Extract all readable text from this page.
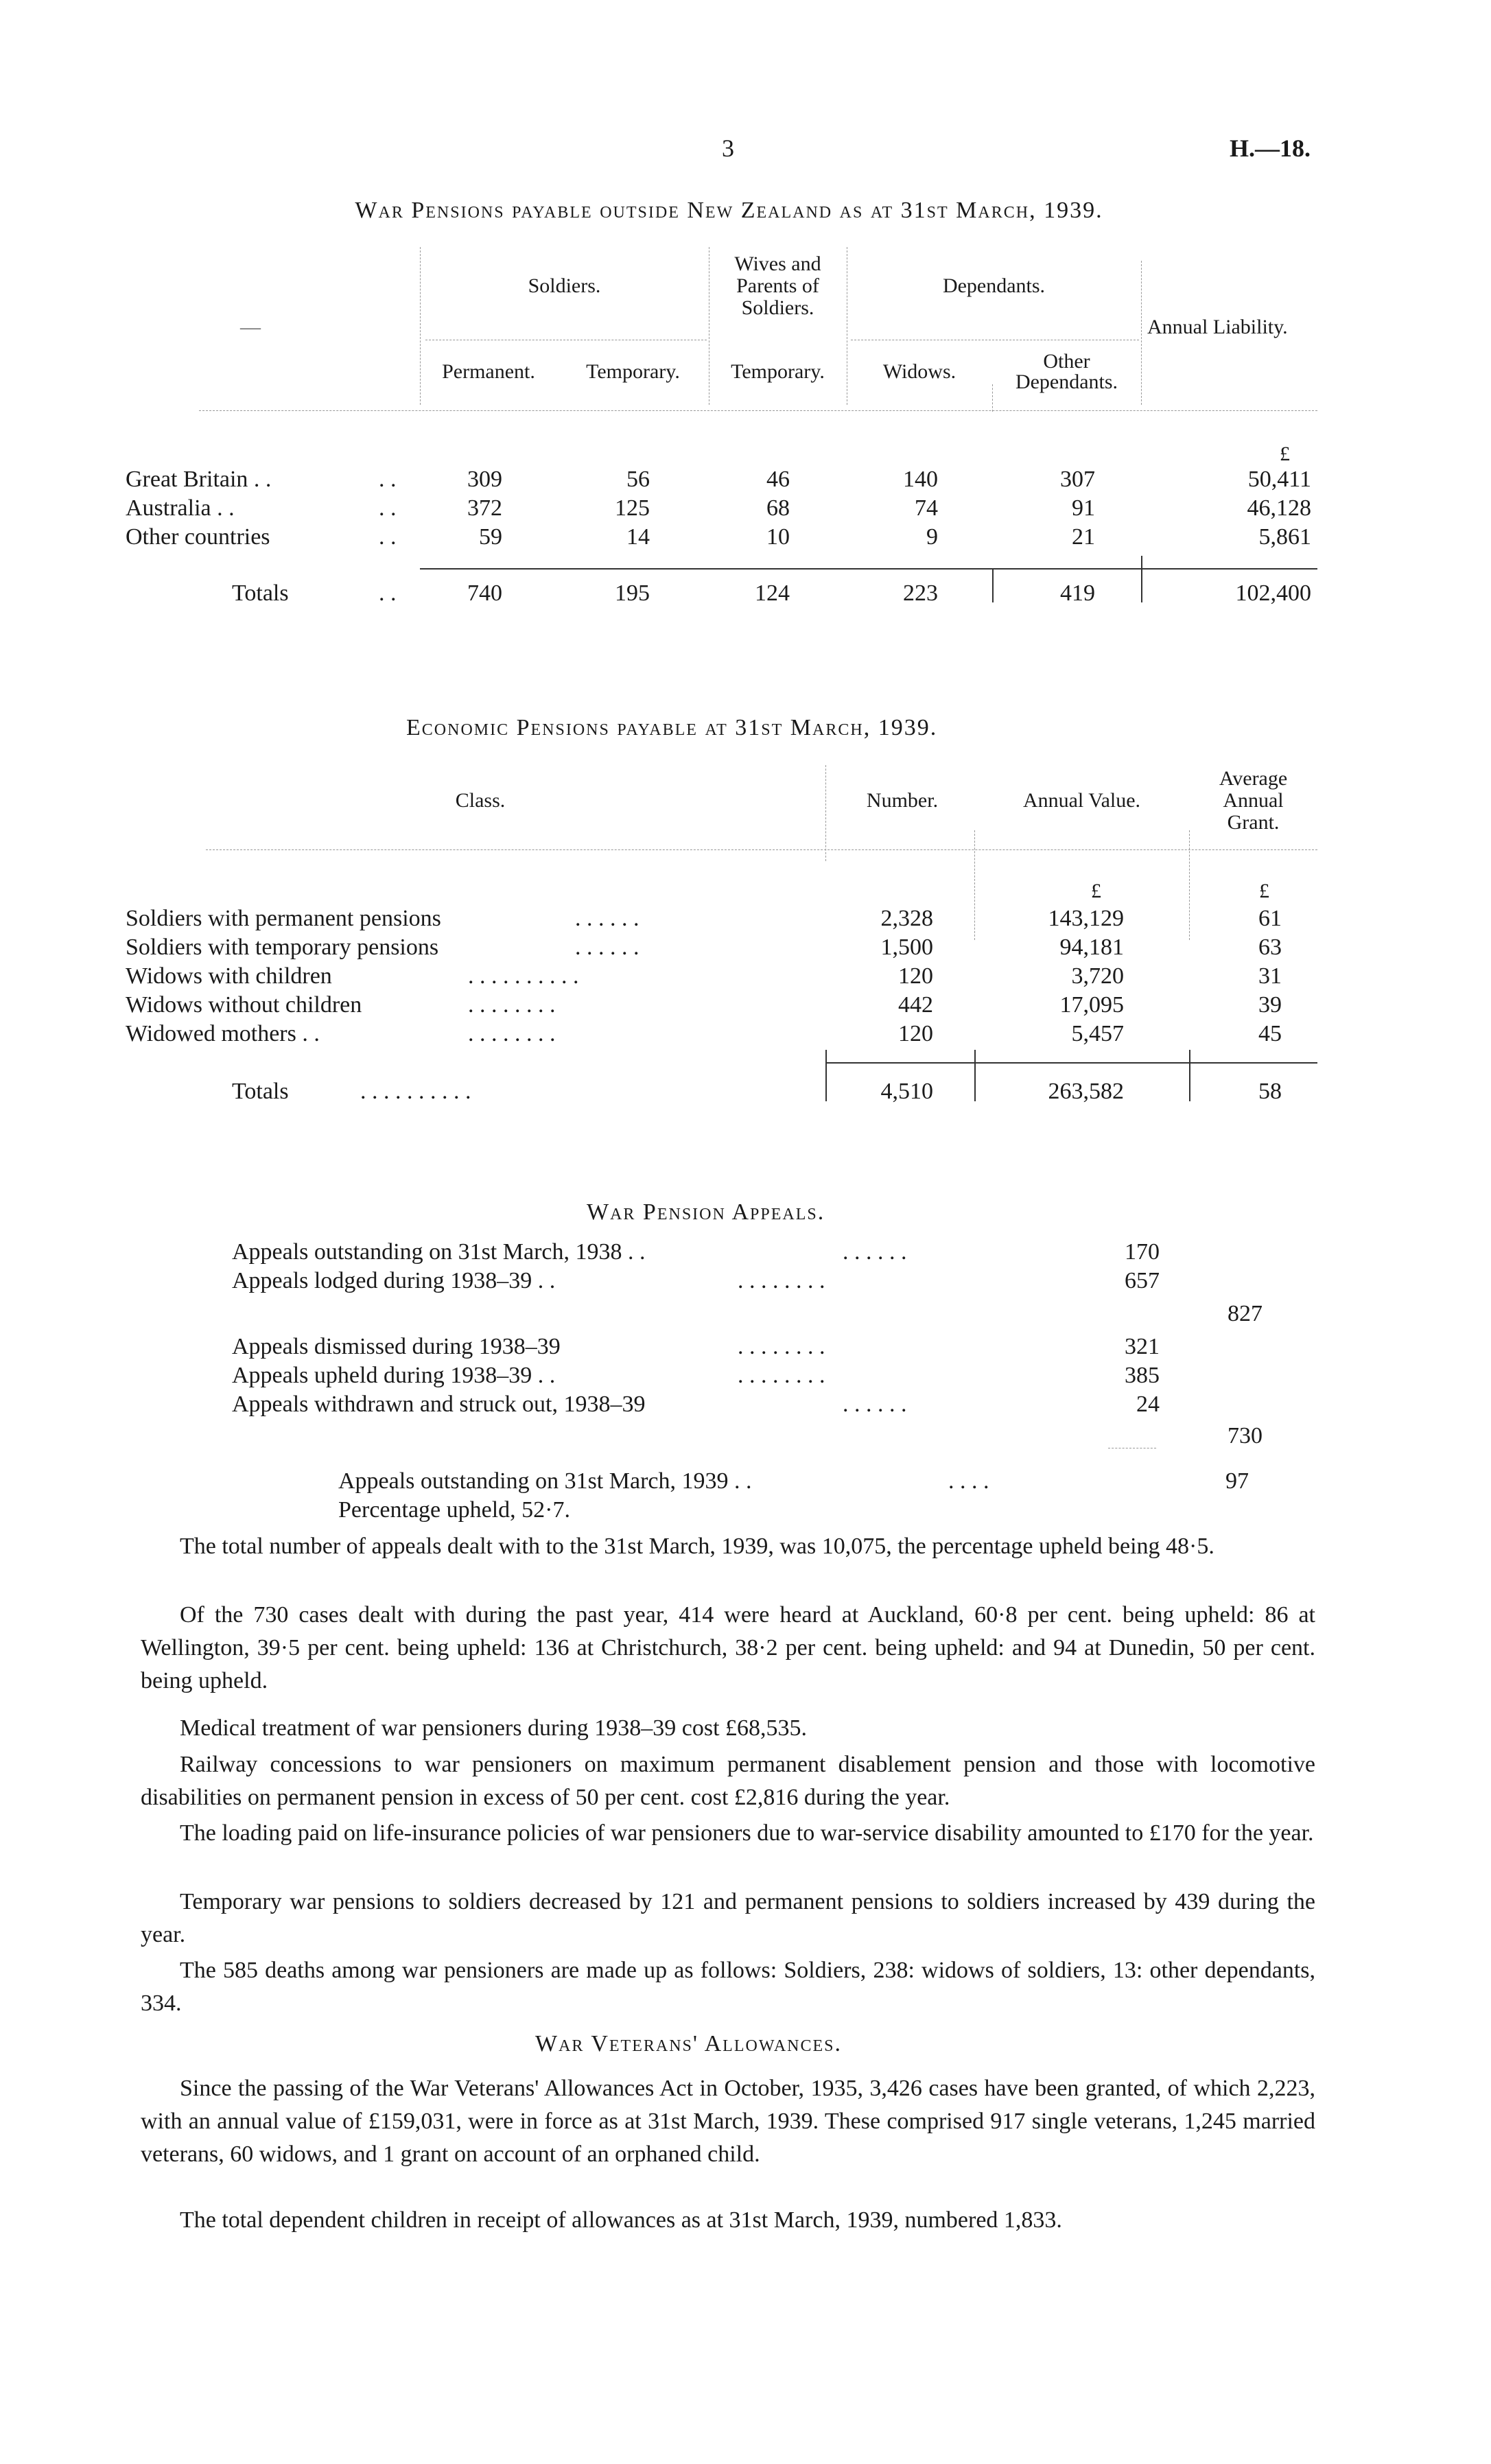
3	H.—18.
War Pensions payable outside New Zealand as at 31st March, 1939.
Soldiers.
Wives and
Parents of
Soldiers.
Dependants.
Annual Liability.
—
Permanent.	Temporary.	Temporary.	Widows.	Other
Dependants.
£
Great Britain . .	. .	309	56	46	140	307	50,411
Australia . .	. .	372	125	68	74	91	46,128
Other countries	. .	59	14	10	9	21	5,861
Totals	. .	740	195	124	223	419	102,400
Economic Pensions payable at 31st March, 1939.
Class.	Number.	Annual Value.
Average
Annual
Grant.
£	£
Soldiers with permanent pensions	. . . . . .	2,328	143,129	61
Soldiers with temporary pensions	. . . . . .	1,500	94,181	63
Widows with children	. . . . . . . . . .	120	3,720	31
Widows without children	. . . . . . . .	442	17,095	39
Widowed mothers . .	. . . . . . . .	120	5,457	45
Totals	. . . . . . . . . .	4,510	263,582	58
War Pension Appeals.
Appeals outstanding on 31st March, 1938 . .	. . . . . .	170
Appeals lodged during 1938–39 . .	. . . . . . . .	657
827
Appeals dismissed during 1938–39	. . . . . . . .	321
Appeals upheld during 1938–39 . .	. . . . . . . .	385
Appeals withdrawn and struck out, 1938–39	. . . . . .	24
730
Appeals outstanding on 31st March, 1939 . .	. . . .	97
Percentage upheld, 52·7.
The total number of appeals dealt with to the 31st March, 1939, was 10,075, the percentage upheld being 48·5.
Of the 730 cases dealt with during the past year, 414 were heard at Auckland, 60·8 per cent. being upheld: 86 at Wellington, 39·5 per cent. being upheld: 136 at Christchurch, 38·2 per cent. being upheld: and 94 at Dunedin, 50 per cent. being upheld.
Medical treatment of war pensioners during 1938–39 cost £68,535.
Railway concessions to war pensioners on maximum permanent disablement pension and those with locomotive disabilities on permanent pension in excess of 50 per cent. cost £2,816 during the year.
The loading paid on life-insurance policies of war pensioners due to war-service disability amounted to £170 for the year.
Temporary war pensions to soldiers decreased by 121 and permanent pensions to soldiers increased by 439 during the year.
The 585 deaths among war pensioners are made up as follows: Soldiers, 238: widows of soldiers, 13: other dependants, 334.
War Veterans' Allowances.
Since the passing of the War Veterans' Allowances Act in October, 1935, 3,426 cases have been granted, of which 2,223, with an annual value of £159,031, were in force as at 31st March, 1939. These comprised 917 single veterans, 1,245 married veterans, 60 widows, and 1 grant on account of an orphaned child.
The total dependent children in receipt of allowances as at 31st March, 1939, numbered 1,833.
